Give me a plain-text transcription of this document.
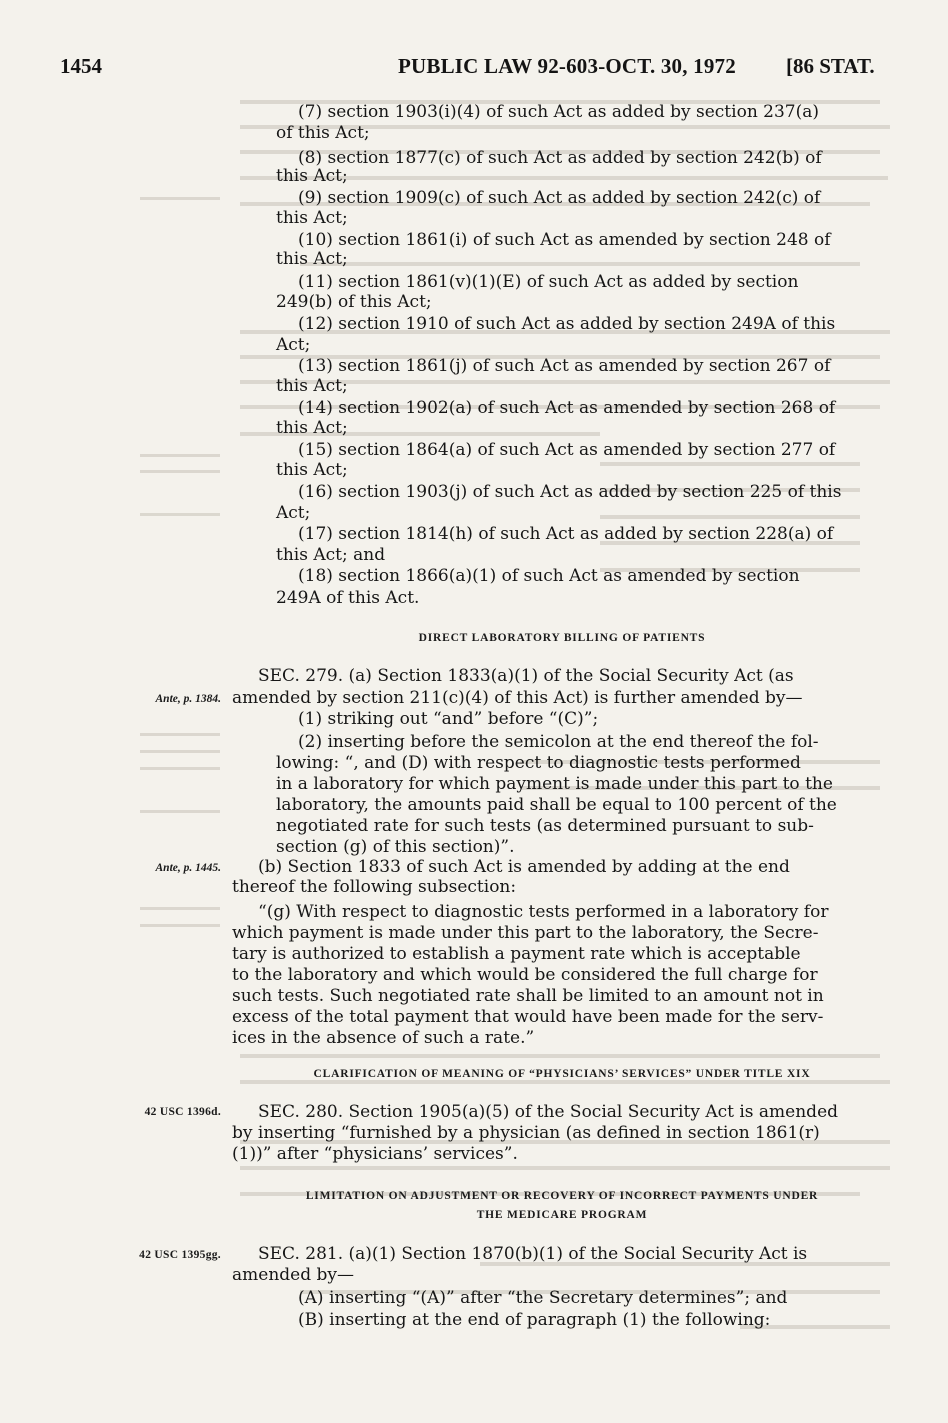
1454	PUBLIC LAW 92-603-OCT. 30, 1972 [86 STAT.
Ante, p. 1384.
Ante, p. 1445.
42 USC 1396d.
42 USC 1395gg.
(7) section 1903(i)(4) of such Act as added by section 237(a)
of this Act;
(8) section 1877(c) of such Act as added by section 242(b) of
this Act;
(9) section 1909(c) of such Act as added by section 242(c) of
this Act;
(10) section 1861(i) of such Act as amended by section 248 of
this Act;
(11) section 1861(v)(1)(E) of such Act as added by section
249(b) of this Act;
(12) section 1910 of such Act as added by section 249A of this
Act;
(13) section 1861(j) of such Act as amended by section 267 of
this Act;
(14) section 1902(a) of such Act as amended by section 268 of
this Act;
(15) section 1864(a) of such Act as amended by section 277 of
this Act;
(16) section 1903(j) of such Act as added by section 225 of this
Act;
(17) section 1814(h) of such Act as added by section 228(a) of
this Act; and
(18) section 1866(a)(1) of such Act as amended by section
249A of this Act.
DIRECT LABORATORY BILLING OF PATIENTS
SEC. 279. (a) Section 1833(a)(1) of the Social Security Act (as
amended by section 211(c)(4) of this Act) is further amended by—
(1) striking out “and” before “(C)”;
(2) inserting before the semicolon at the end thereof the fol-
lowing: “, and (D) with respect to diagnostic tests performed
in a laboratory for which payment is made under this part to the
laboratory, the amounts paid shall be equal to 100 percent of the
negotiated rate for such tests (as determined pursuant to sub-
section (g) of this section)”.
(b) Section 1833 of such Act is amended by adding at the end
thereof the following subsection:
“(g) With respect to diagnostic tests performed in a laboratory for
which payment is made under this part to the laboratory, the Secre-
tary is authorized to establish a payment rate which is acceptable
to the laboratory and which would be considered the full charge for
such tests. Such negotiated rate shall be limited to an amount not in
excess of the total payment that would have been made for the serv-
ices in the absence of such a rate.”
CLARIFICATION OF MEANING OF “PHYSICIANS’ SERVICES” UNDER TITLE XIX
SEC. 280. Section 1905(a)(5) of the Social Security Act is amended
by inserting “furnished by a physician (as defined in section 1861(r)
(1))” after “physicians’ services”.
LIMITATION ON ADJUSTMENT OR RECOVERY OF INCORRECT PAYMENTS UNDER
THE MEDICARE PROGRAM
SEC. 281. (a)(1) Section 1870(b)(1) of the Social Security Act is
amended by—
(A) inserting “(A)” after “the Secretary determines”; and
(B) inserting at the end of paragraph (1) the following:
